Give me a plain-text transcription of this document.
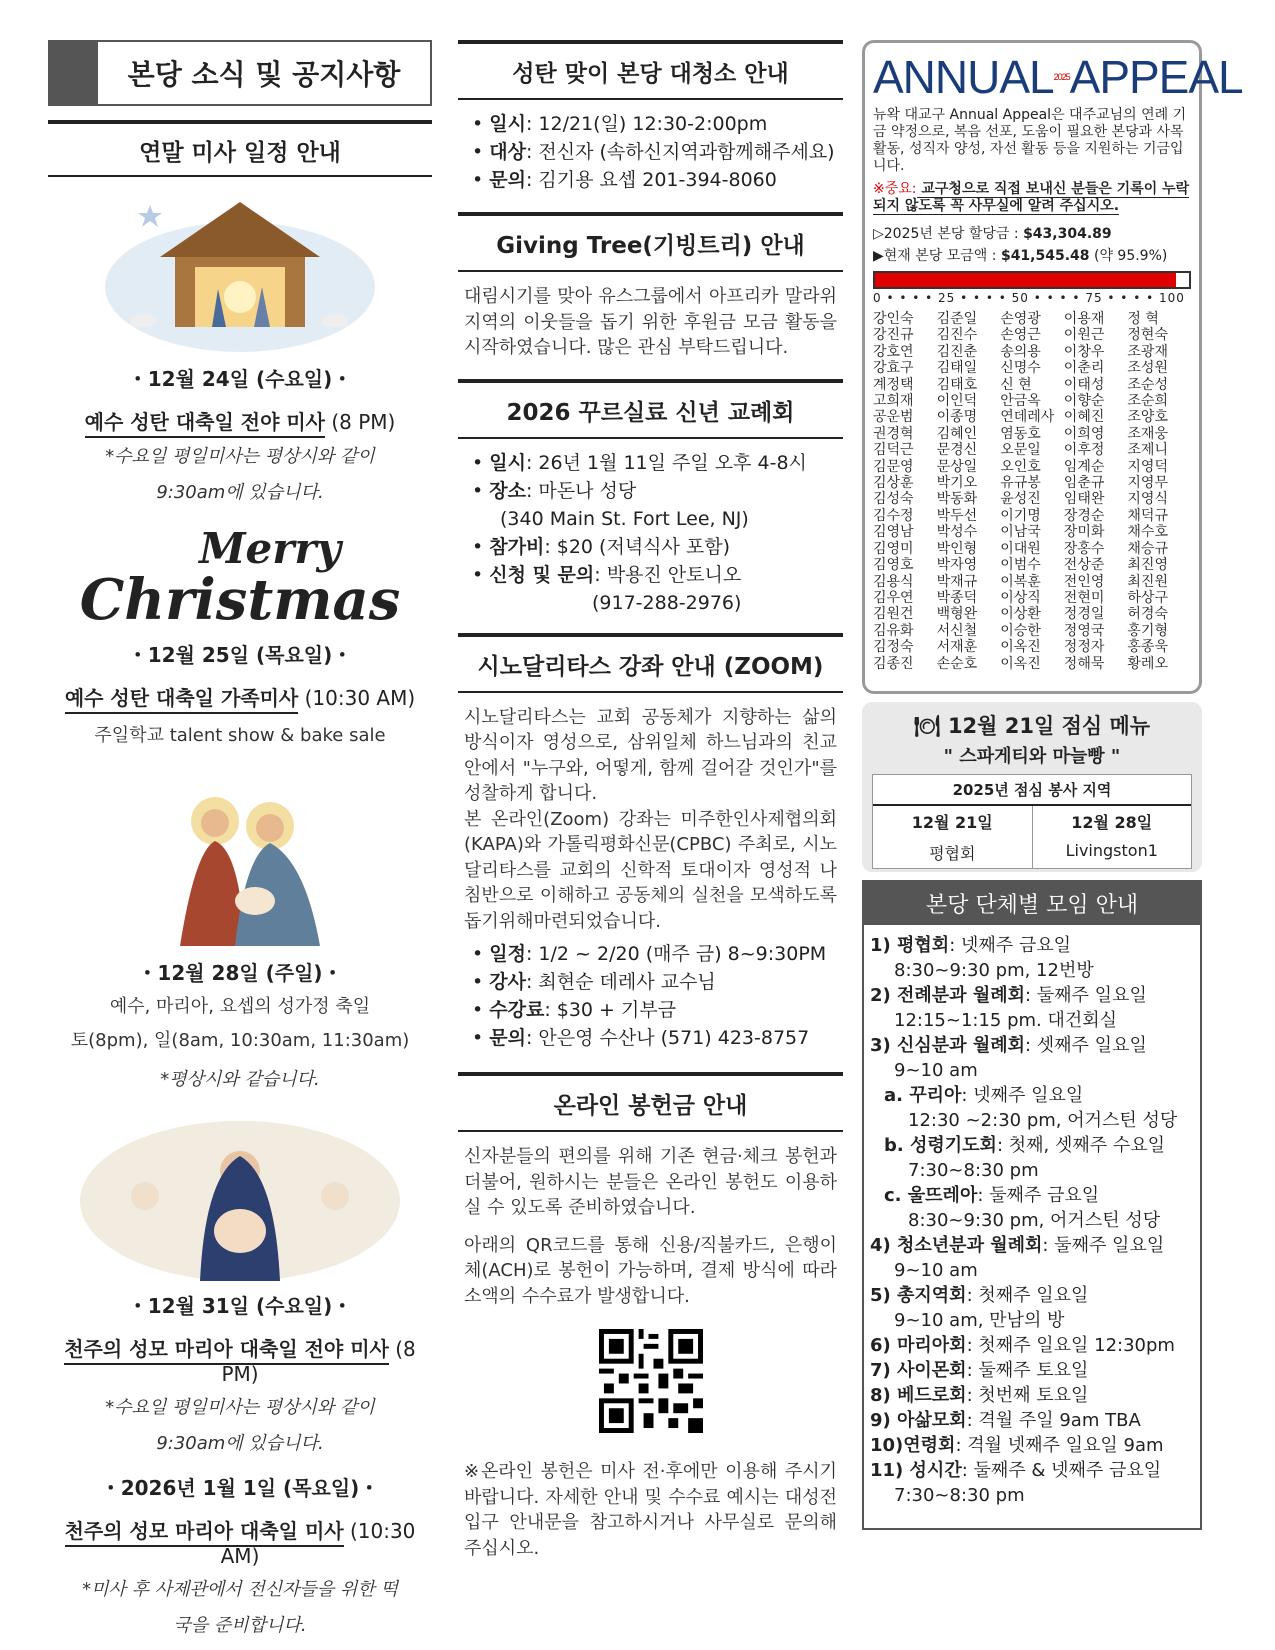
본당 소식 및 공지사항
연말 미사 일정 안내
・12월 24일 (수요일)・
예수 성탄 대축일 전야 미사 (8 PM)
*수요일 평일미사는 평상시와 같이 9:30am에 있습니다.
Merry
Christmas
・12월 25일 (목요일)・
예수 성탄 대축일 가족미사 (10:30 AM)
주일학교 talent show & bake sale
・12월 28일 (주일)・
예수, 마리아, 요셉의 성가정 축일
토(8pm), 일(8am, 10:30am, 11:30am)
*평상시와 같습니다.
・12월 31일 (수요일)・
천주의 성모 마리아 대축일 전야 미사 (8 PM)
*수요일 평일미사는 평상시와 같이 9:30am에 있습니다.
・2026년 1월 1일 (목요일)・
천주의 성모 마리아 대축일 미사 (10:30 AM)
*미사 후 사제관에서 전신자들을 위한 떡국을 준비합니다.
성탄 맞이 본당 대청소 안내
• 일시: 12/21(일) 12:30-2:00pm
• 대상: 전신자 (속하신지역과함께해주세요)
• 문의: 김기용 요셉 201-394-8060
Giving Tree(기빙트리) 안내
대림시기를 맞아 유스그룹에서 아프리카 말라위 지역의 이웃들을 돕기 위한 후원금 모금 활동을 시작하였습니다. 많은 관심 부탁드립니다.
2026 꾸르실료 신년 교례회
• 일시: 26년 1월 11일 주일 오후 4-8시
• 장소: 마돈나 성당
(340 Main St. Fort Lee, NJ)
• 참가비: $20 (저녁식사 포함)
• 신청 및 문의: 박용진 안토니오
(917-288-2976)
시노달리타스 강좌 안내 (ZOOM)
시노달리타스는 교회 공동체가 지향하는 삶의 방식이자 영성으로, 삼위일체 하느님과의 친교 안에서 "누구와, 어떻게, 함께 걸어갈 것인가"를 성찰하게 합니다.
본 온라인(Zoom) 강좌는 미주한인사제협의회(KAPA)와 가톨릭평화신문(CPBC) 주최로, 시노달리타스를 교회의 신학적 토대이자 영성적 나침반으로 이해하고 공동체의 실천을 모색하도록 돕기위해마련되었습니다.
• 일정: 1/2 ~ 2/20 (매주 금) 8~9:30PM
• 강사: 최현순 데레사 교수님
• 수강료: $30 + 기부금
• 문의: 안은영 수산나 (571) 423-8757
온라인 봉헌금 안내
신자분들의 편의를 위해 기존 현금·체크 봉헌과 더불어, 원하시는 분들은 온라인 봉헌도 이용하실 수 있도록 준비하였습니다.
아래의 QR코드를 통해 신용/직불카드, 은행이체(ACH)로 봉헌이 가능하며, 결제 방식에 따라 소액의 수수료가 발생합니다.
※온라인 봉헌은 미사 전·후에만 이용해 주시기 바랍니다. 자세한 안내 및 수수료 예시는 대성전 입구 안내문을 참고하시거나 사무실로 문의해 주십시오.
$ANNUAL^{2025}APPEAL$

뉴왁 대교구 Annual Appeal은 대주교님의 연례 기금 약정으로, 복음 선포, 도움이 필요한 본당과 사목 활동, 성직자 양성, 자선 활동 등을 지원하는 기금입니다.

※중요: 교구청으로 직접 보내신 분들은 기록이 누락되지 않도록 꼭 사무실에 알려 주십시오.

▷2025년 본당 할당금 : $43,304.89
▶현재 본당 모금액 : $41,545.48 (약 95.9%)
0 • • • • 25 • • • • 50 • • • • 75 • • • • 100
강인숙	김준일	손영광	이용재	정 혁
강진규	김진수	손영근	이원근	정현숙
강호연	김진춘	송의용	이창우	조광재
강효구	김태일	신명수	이춘리	조성원
계정택	김태호	신 현	이태성	조순성
고희재	이인덕	안금옥	이향순	조순희
공운범	이종명	연데레사 이혜진	조양호
권경혁	김혜인	염동호	이희영	조재웅
김덕근	문경신	오문일	이후정	조제니
김문영	문상일	오인호	임계순	지영덕
김상훈	박기오	유규봉	임춘규	지영무
김성숙	박동화	윤성진	임태완	지영식
김수정	박두선	이기명	장경순	채덕규
김영남	박성수	이남국	장미화	채수호
김영미	박인형	이대원	장홍수	채승규
김영호	박자영	이범수	전상준	최진영
김용식	박재규	이복훈	전인영	최진원
김우연	박종덕	이상직	전현미	하상구
김원건	백형완	이상환	정경일	허경숙
김유화	서신철	이승한	정영국	홍기형
김정숙	서재훈	이옥진	정정자	홍종욱
김종진	손순호	이옥진	정해묵	황레오
🍽 12월 21일 점심 메뉴
" 스파게티와 마늘빵 "
2025년 점심 봉사 지역
12월 21일	12월 28일
평협회	Livingston1
본당 단체별 모임 안내
1) 평협회: 넷째주 금요일
8:30~9:30 pm, 12번방
2) 전례분과 월례회: 둘째주 일요일
12:15~1:15 pm. 대건회실
3) 신심분과 월례회: 셋째주 일요일
9~10 am
a. 꾸리아: 넷째주 일요일
12:30 ~2:30 pm, 어거스틴 성당
b. 성령기도회: 첫째, 셋째주 수요일
7:30~8:30 pm
c. 울뜨레아: 둘째주 금요일
8:30~9:30 pm, 어거스틴 성당
4) 청소년분과 월례회: 둘째주 일요일
9~10 am
5) 총지역회: 첫째주 일요일
9~10 am, 만남의 방
6) 마리아회: 첫째주 일요일 12:30pm
7) 사이몬회: 둘째주 토요일
8) 베드로회: 첫번째 토요일
9) 아삶모회: 격월 주일 9am TBA
10)연령회: 격월 넷째주 일요일 9am
11) 성시간: 둘째주 & 넷째주 금요일
7:30~8:30 pm
